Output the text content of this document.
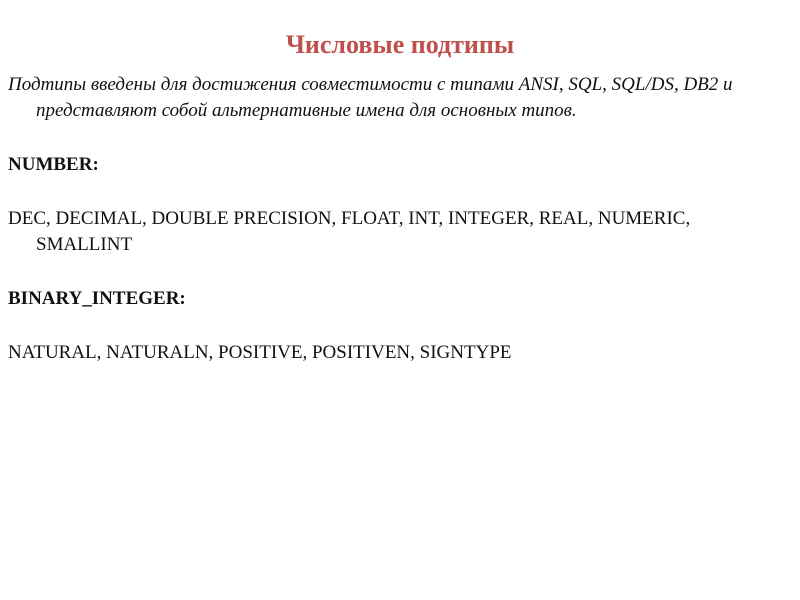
Числовые подтипы

Подтипы введены для достижения совместимости с типами ANSI, SQL, SQL/DS, DB2 и представляют собой альтернативные имена для основных типов.

NUMBER:

DEC, DECIMAL, DOUBLE PRECISION, FLOAT, INT, INTEGER, REAL, NUMERIC, SMALLINT

BINARY_INTEGER:

NATURAL, NATURALN, POSITIVE, POSITIVEN, SIGNTYPE
